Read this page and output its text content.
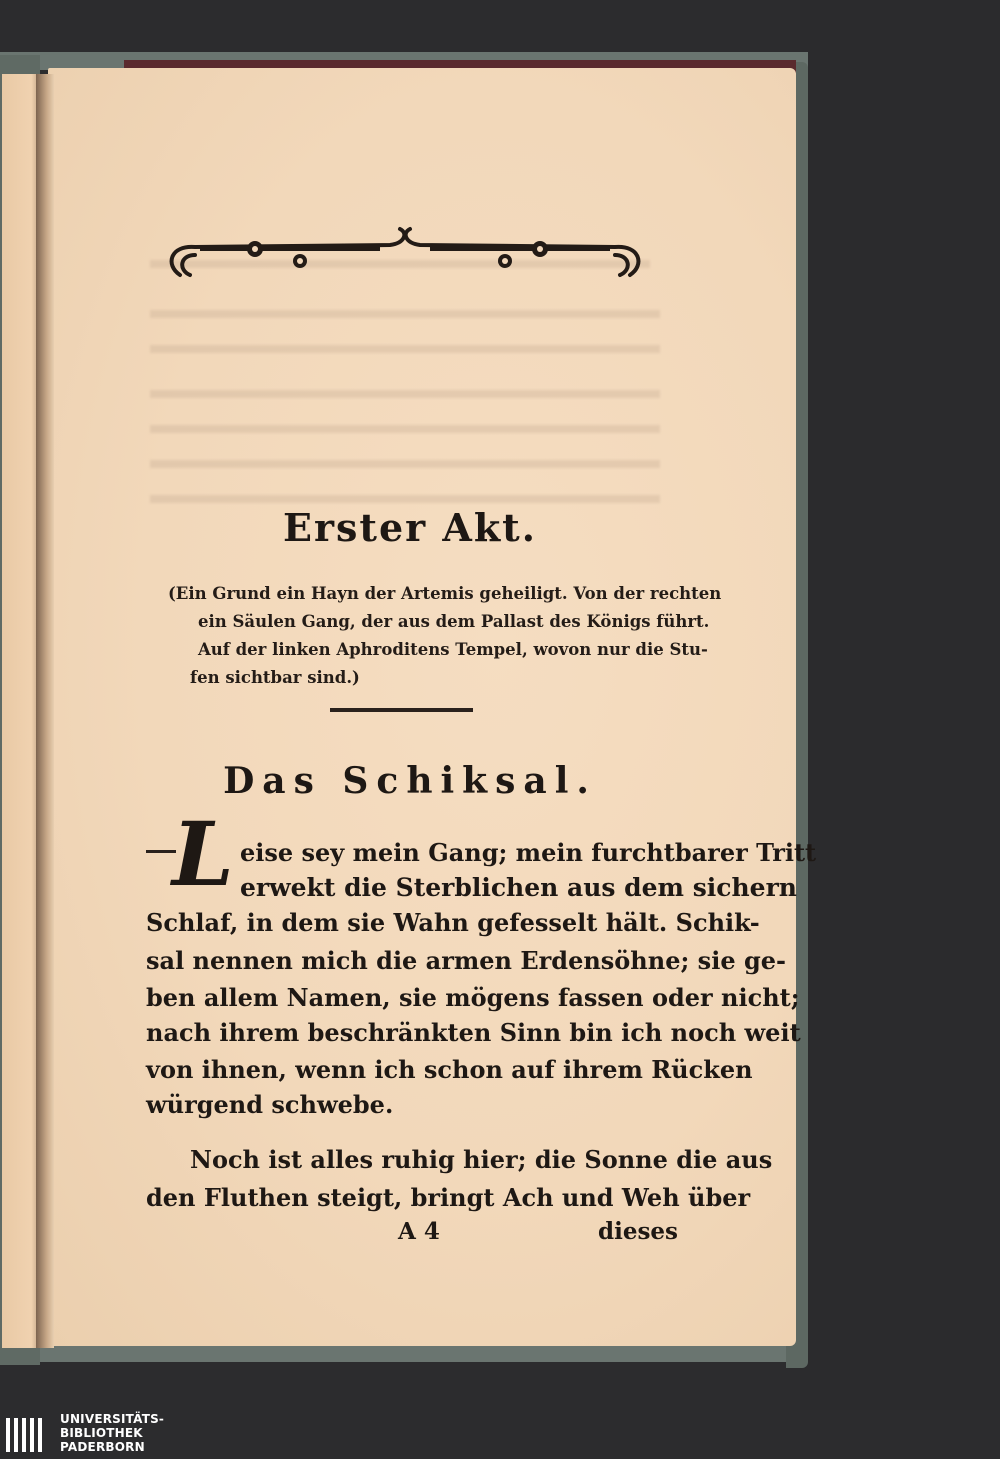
Erster Akt.
(Ein Grund ein Hayn der Artemis geheiligt. Von der rechten
ein Säulen Gang, der aus dem Pallast des Königs führt.
Auf der linken Aphroditens Tempel, wovon nur die Stu-
fen sichtbar sind.)
Das Schiksal.
L eise sey mein Gang; mein furchtbarer Tritt
erwekt die Sterblichen aus dem sichern
Schlaf, in dem sie Wahn gefesselt hält. Schik-
sal nennen mich die armen Erdensöhne; sie ge-
ben allem Namen, sie mögens fassen oder nicht;
nach ihrem beschränkten Sinn bin ich noch weit
von ihnen, wenn ich schon auf ihrem Rücken
würgend schwebe.
Noch ist alles ruhig hier; die Sonne die aus
den Fluthen steigt, bringt Ach und Weh über
A 4	dieses
UNIVERSITÄTS-
BIBLIOTHEK
PADERBORN
